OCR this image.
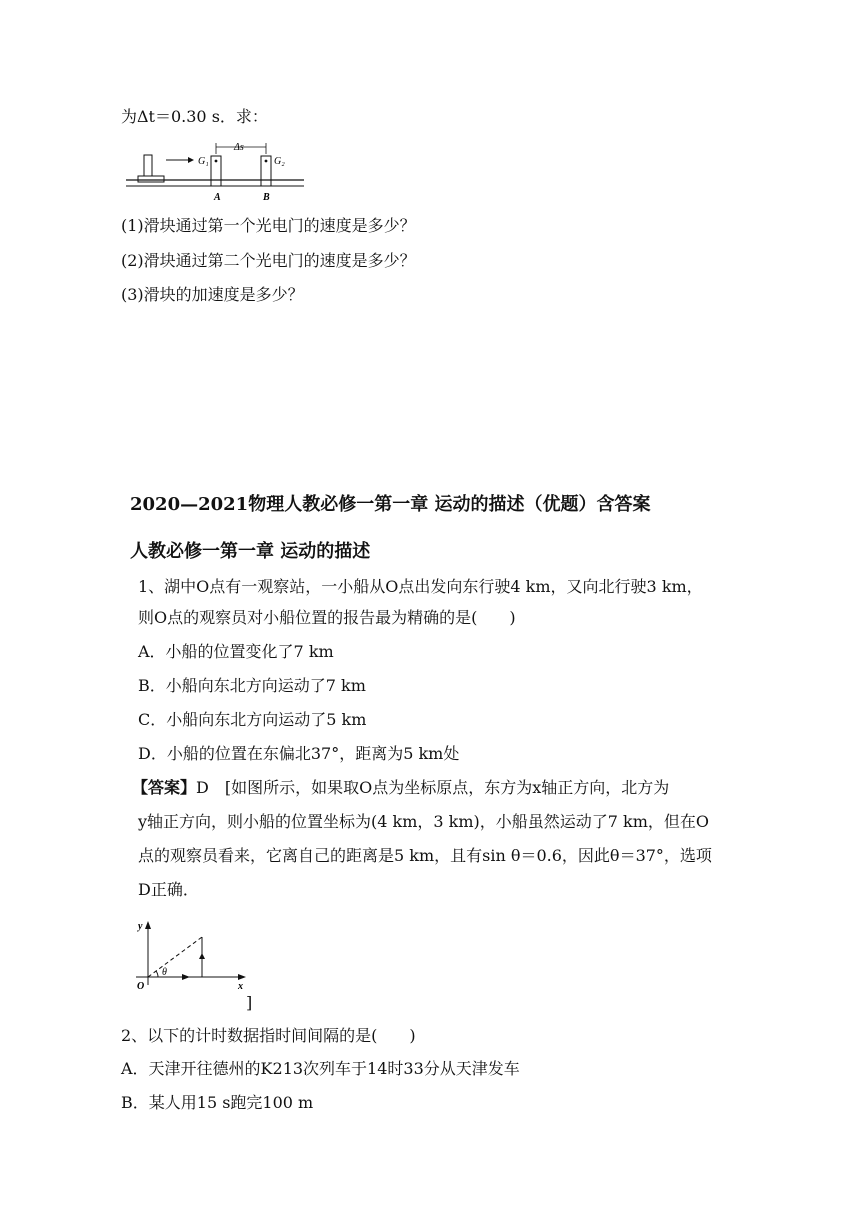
为Δt＝0.30 s．求：
Δs
G₁	G₂
A	B
(1)滑块通过第一个光电门的速度是多少？
(2)滑块通过第二个光电门的速度是多少？
(3)滑块的加速度是多少？
2020—2021物理人教必修一第一章 运动的描述（优题）含答案
人教必修一第一章 运动的描述
1、湖中O点有一观察站，一小船从O点出发向东行驶4 km，又向北行驶3 km，
则O点的观察员对小船位置的报告最为精确的是(　　)
A．小船的位置变化了7 km
B．小船向东北方向运动了7 km
C．小船向东北方向运动了5 km
D．小船的位置在东偏北37°，距离为5 km处
【答案】D　[如图所示，如果取O点为坐标原点，东方为x轴正方向，北方为
y轴正方向，则小船的位置坐标为(4 km，3 km)，小船虽然运动了7 km，但在O
点的观察员看来，它离自己的距离是5 km，且有sin θ＝0.6，因此θ＝37°，选项
D正确．
y
x
O
θ
]
2、以下的计时数据指时间间隔的是(　　)
A．天津开往德州的K213次列车于14时33分从天津发车
B．某人用15 s跑完100 m
